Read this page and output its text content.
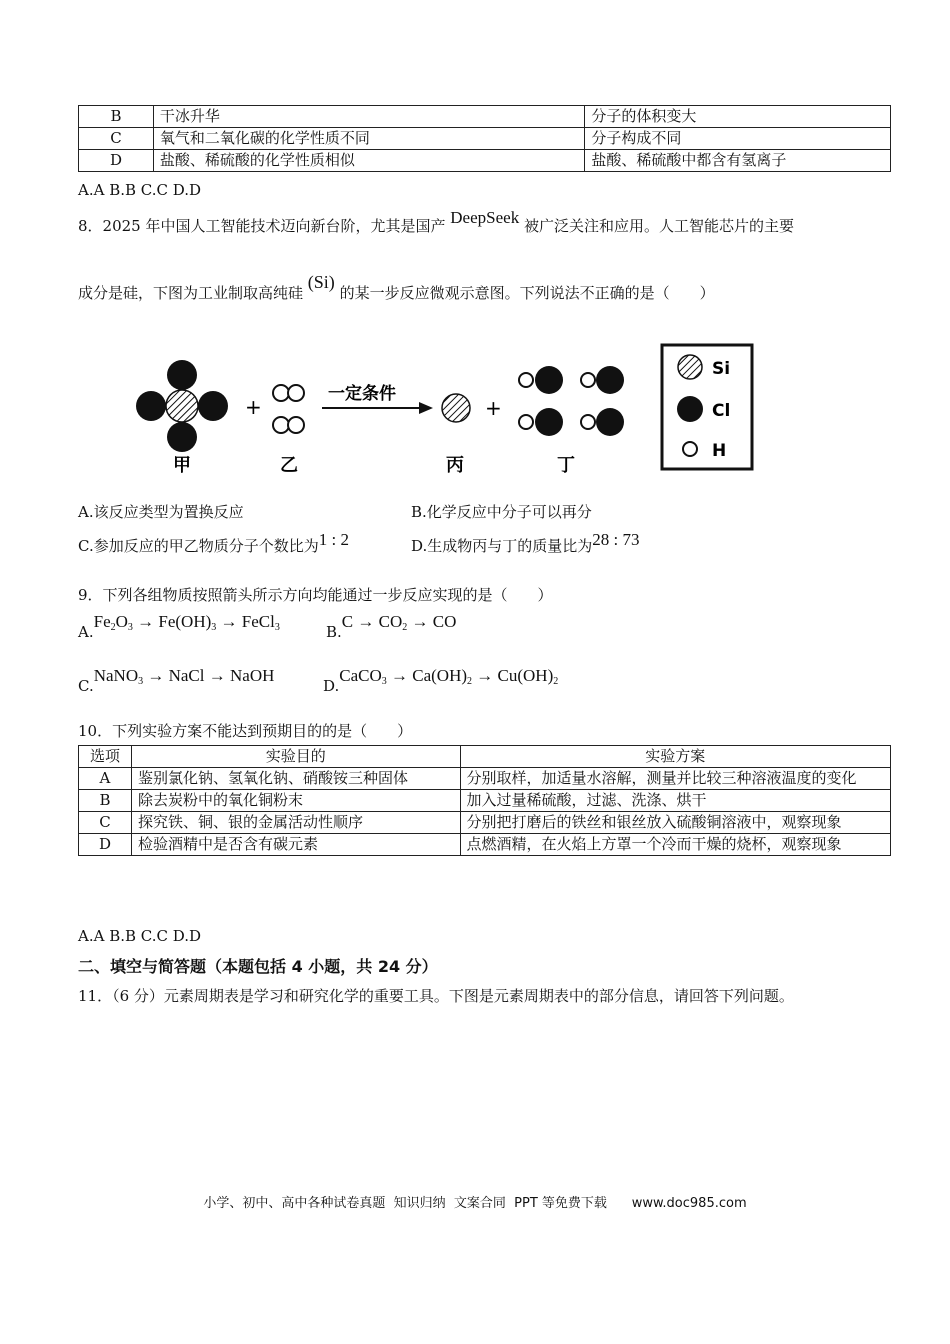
B	干冰升华	分子的体积变大
C	氧气和二氧化碳的化学性质不同	分子构成不同
D	盐酸、稀硫酸的化学性质相似	盐酸、稀硫酸中都含有氢离子
A.A B.B C.C D.D
8．2025 年中国人工智能技术迈向新台阶，尤其是国产 DeepSeek 被广泛关注和应用。人工智能芯片的主要
成分是硅，下图为工业制取高纯硅 (Si) 的某一步反应微观示意图。下列说法不正确的是（　　）
+
一定条件
+
甲	乙	丙	丁
Si
Cl
H
A.该反应类型为置换反应	B.化学反应中分子可以再分
C.参加反应的甲乙物质分子个数比为1 : 2	D.生成物丙与丁的质量比为28 : 73
9．下列各组物质按照箭头所示方向均能通过一步反应实现的是（　　）
$A.Fe_2O_3 \to Fe(OH)_3$ → FeCl$_3$	$B.C \to CO_2$ → CO
C.NaNO$_3$ → NaCl → NaOH
D.CaCO$_3$ → $Ca(OH)_2 \to Cu(OH)_2$
10．下列实验方案不能达到预期目的的是（　　）
选项	实验目的	实验方案
A	鉴别氯化钠、氢氧化钠、硝酸铵三种固体	分别取样，加适量水溶解，测量并比较三种溶液温度的变化
B	除去炭粉中的氧化铜粉末	加入过量稀硫酸，过滤、洗涤、烘干
C	探究铁、铜、银的金属活动性顺序	分别把打磨后的铁丝和银丝放入硫酸铜溶液中，观察现象
D	检验酒精中是否含有碳元素	点燃酒精，在火焰上方罩一个冷而干燥的烧杯，观察现象
A.A B.B C.C D.D
二、填空与简答题（本题包括 4 小题，共 24 分）
11．（6 分）元素周期表是学习和研究化学的重要工具。下图是元素周期表中的部分信息，请回答下列问题。
小学、初中、高中各种试卷真题  知识归纳  文案合同  PPT 等免费下载      www.doc985.com
